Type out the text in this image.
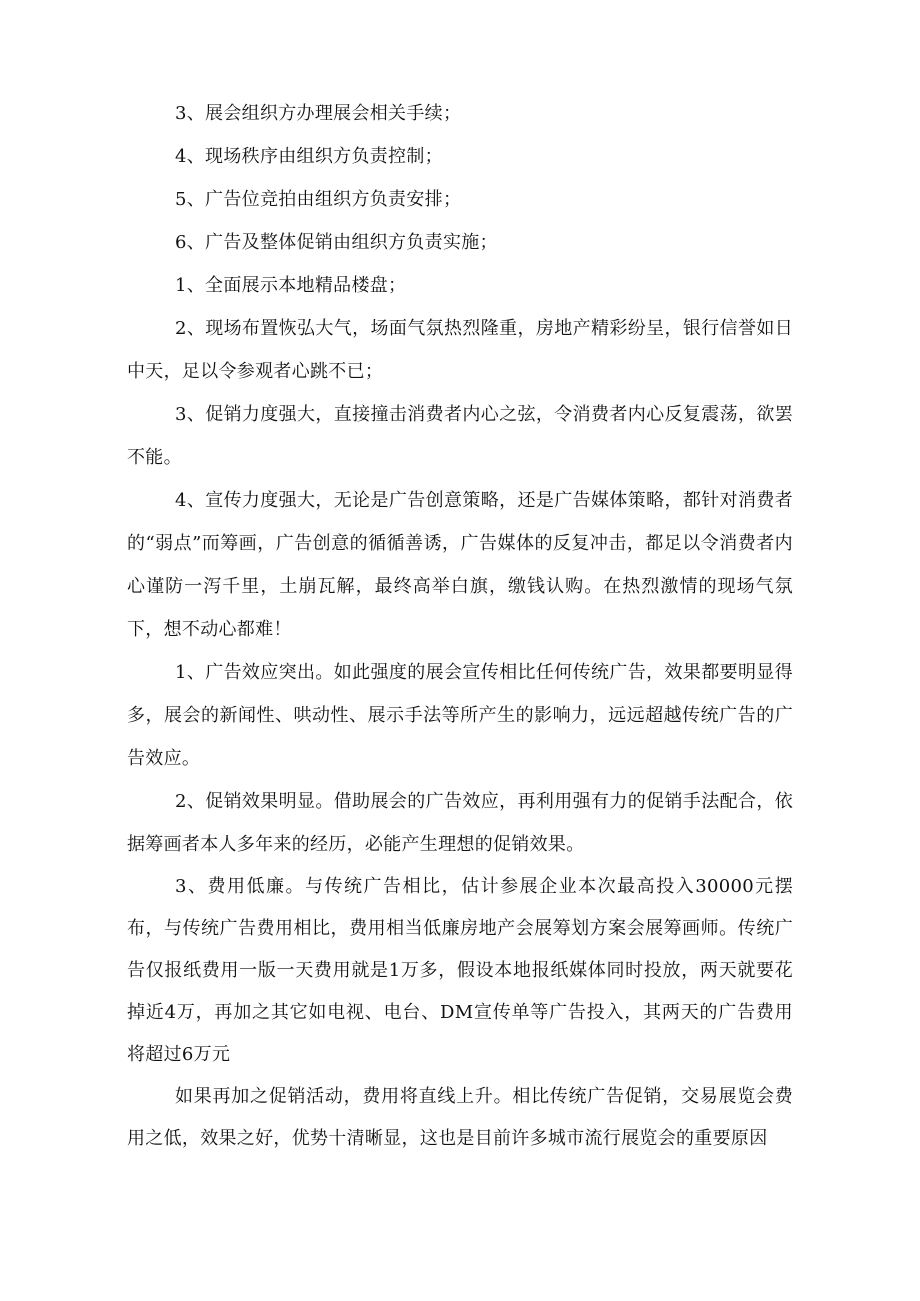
3、展会组织方办理展会相关手续；

4、现场秩序由组织方负责控制；

5、广告位竞拍由组织方负责安排；

6、广告及整体促销由组织方负责实施；

1、全面展示本地精品楼盘；

2、现场布置恢弘大气，场面气氛热烈隆重，房地产精彩纷呈，银行信誉如日中天，足以令参观者心跳不已；

3、促销力度强大，直接撞击消费者内心之弦，令消费者内心反复震荡，欲罢不能。

4、宣传力度强大，无论是广告创意策略，还是广告媒体策略，都针对消费者的“弱点”而筹画，广告创意的循循善诱，广告媒体的反复冲击，都足以令消费者内心谨防一泻千里，土崩瓦解，最终高举白旗，缴钱认购。在热烈激情的现场气氛下，想不动心都难！

1、广告效应突出。如此强度的展会宣传相比任何传统广告，效果都要明显得多，展会的新闻性、哄动性、展示手法等所产生的影响力，远远超越传统广告的广告效应。

2、促销效果明显。借助展会的广告效应，再利用强有力的促销手法配合，依据筹画者本人多年来的经历，必能产生理想的促销效果。

3、费用低廉。与传统广告相比，估计参展企业本次最高投入30000元摆布，与传统广告费用相比，费用相当低廉房地产会展筹划方案会展筹画师。传统广告仅报纸费用一版一天费用就是1万多，假设本地报纸媒体同时投放，两天就要花掉近4万，再加之其它如电视、电台、DM宣传单等广告投入，其两天的广告费用将超过6万元

如果再加之促销活动，费用将直线上升。相比传统广告促销，交易展览会费用之低，效果之好，优势十清晰显，这也是目前许多城市流行展览会的重要原因
